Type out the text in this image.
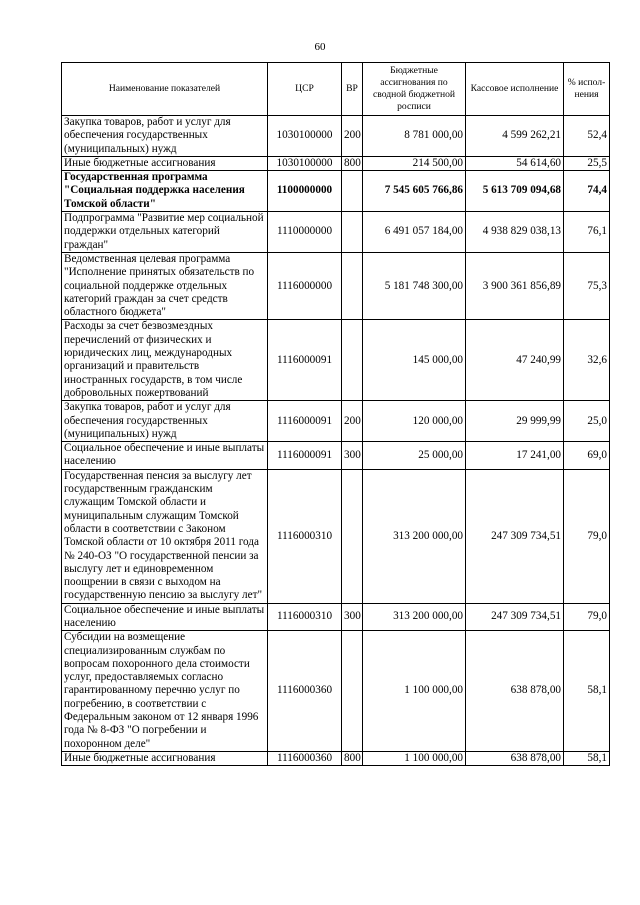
60
Наименование показателей	ЦСР	ВР	Бюджетные ассигнования по сводной бюджетной росписи	Кассовое исполнение	% испол-нения
Закупка товаров, работ и услуг для обеспечения государственных (муниципальных) нужд	1030100000	200	8 781 000,00	4 599 262,21	52,4
Иные бюджетные ассигнования	1030100000	800	214 500,00	54 614,60	25,5
Государственная программа "Социальная поддержка населения Томской области"	1100000000		7 545 605 766,86	5 613 709 094,68	74,4
Подпрограмма "Развитие мер социальной поддержки отдельных категорий граждан"	1110000000		6 491 057 184,00	4 938 829 038,13	76,1
Ведомственная целевая программа "Исполнение принятых обязательств по социальной поддержке отдельных категорий граждан за счет средств областного бюджета"	1116000000		5 181 748 300,00	3 900 361 856,89	75,3
Расходы за счет безвозмездных перечислений от физических и юридических лиц, международных организаций и правительств иностранных государств, в том числе добровольных пожертвований	1116000091		145 000,00	47 240,99	32,6
Закупка товаров, работ и услуг для обеспечения государственных (муниципальных) нужд	1116000091	200	120 000,00	29 999,99	25,0
Социальное обеспечение и иные выплаты населению	1116000091	300	25 000,00	17 241,00	69,0
Государственная пенсия за выслугу лет государственным гражданским служащим Томской области и муниципальным служащим Томской области в соответствии с Законом Томской области от 10 октября 2011 года № 240-ОЗ "О государственной пенсии за выслугу лет и единовременном поощрении в связи с выходом на государственную пенсию за выслугу лет"	1116000310		313 200 000,00	247 309 734,51	79,0
Социальное обеспечение и иные выплаты населению	1116000310	300	313 200 000,00	247 309 734,51	79,0
Субсидии на возмещение специализированным службам по вопросам похоронного дела стоимости услуг, предоставляемых согласно гарантированному перечню услуг по погребению, в соответствии с Федеральным законом от 12 января 1996 года № 8-ФЗ "О погребении и похоронном деле"	1116000360		1 100 000,00	638 878,00	58,1
Иные бюджетные ассигнования	1116000360	800	1 100 000,00	638 878,00	58,1
